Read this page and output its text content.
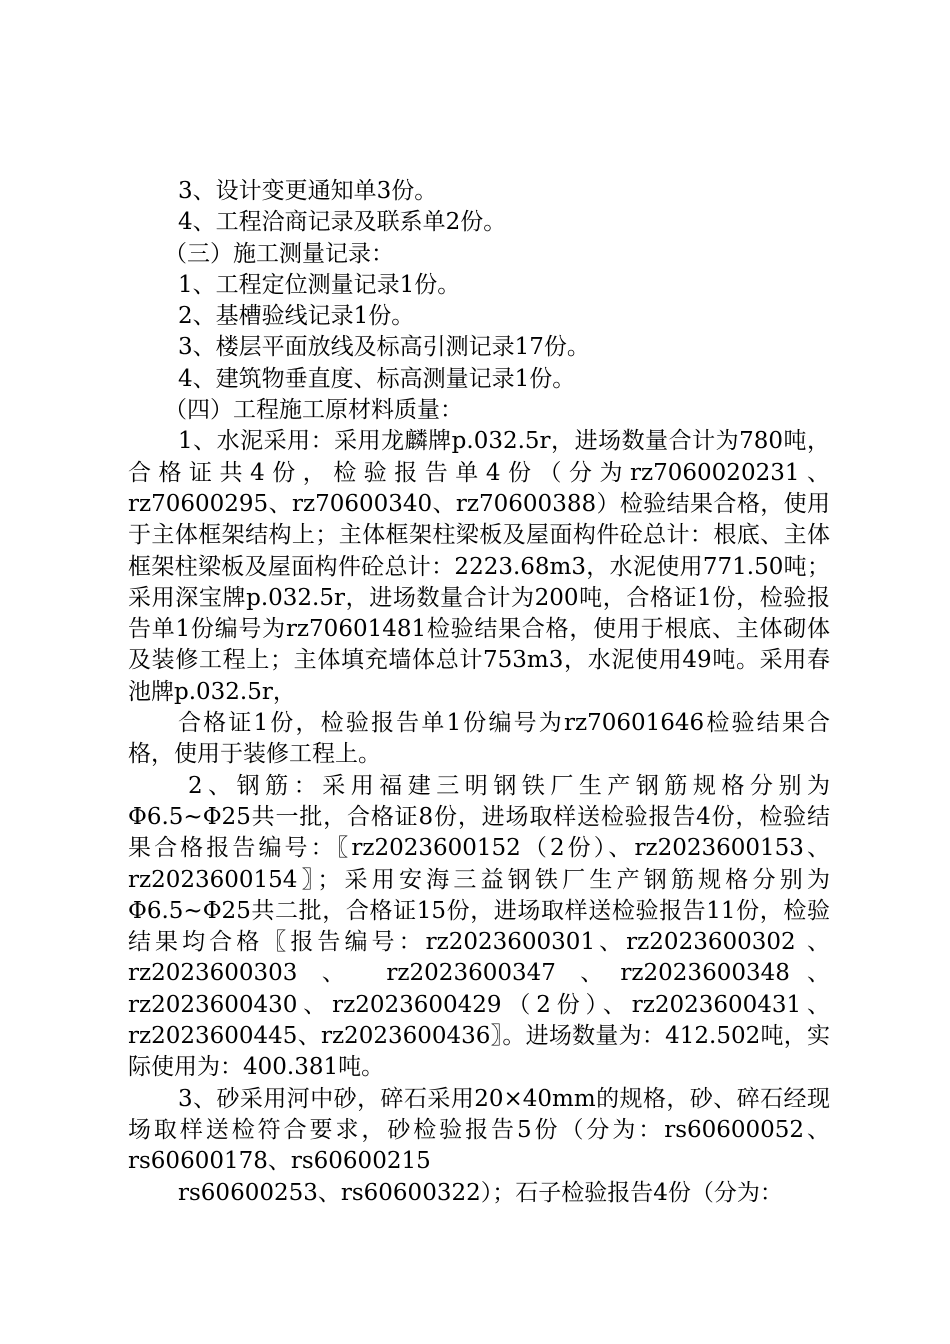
3、设计变更通知单3份。

4、工程洽商记录及联系单2份。

（三）施工测量记录：

1、工程定位测量记录1份。

2、基槽验线记录1份。

3、楼层平面放线及标高引测记录17份。

4、建筑物垂直度、标高测量记录1份。

（四）工程施工原材料质量：

1、水泥采用：采用龙麟牌p.032.5r，进场数量合计为780吨，合格证共4份，检验报告单4份（分为rz7060020231、rz70600295、rz70600340、rz70600388）检验结果合格，使用于主体框架结构上；主体框架柱梁板及屋面构件砼总计：根底、主体框架柱梁板及屋面构件砼总计：2223.68m3，水泥使用771.50吨；采用深宝牌p.032.5r，进场数量合计为200吨，合格证1份，检验报告单1份编号为rz70601481检验结果合格，使用于根底、主体砌体及装修工程上；主体填充墙体总计753m3，水泥使用49吨。采用春池牌p.032.5r，

合格证1份，检验报告单1份编号为rz70601646检验结果合格，使用于装修工程上。

2、钢筋：采用福建三明钢铁厂生产钢筋规格分别为Φ6.5~Φ25共一批，合格证8份，进场取样送检验报告4份，检验结果合格报告编号：〖rz2023600152（2份）、rz2023600153、rz2023600154〗；采用安海三益钢铁厂生产钢筋规格分别为Φ6.5~Φ25共二批，合格证15份，进场取样送检验报告11份，检验结果均合格〖报告编号：rz2023600301、rz2023600302 、 rz2023600303 、 rz2023600347 、rz2023600348、rz2023600430、rz2023600429（2份）、rz2023600431、rz2023600445、rz2023600436〗。进场数量为：412.502吨，实际使用为：400.381吨。

3、砂采用河中砂，碎石采用20×40mm的规格，砂、碎石经现场取样送检符合要求，砂检验报告5份（分为：rs60600052、rs60600178、rs60600215

rs60600253、rs60600322）；石子检验报告4份（分为：
